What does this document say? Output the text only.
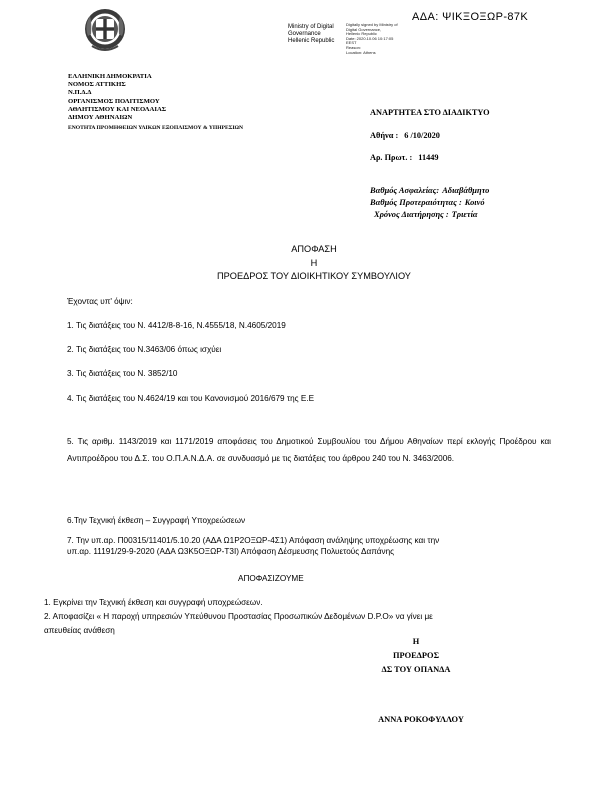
ΑΔΑ: ΨΙΚΞΟΞΩΡ-87Κ
Ministry of Digital
Governance
Hellenic Republic
Digitally signed by Ministry of
Digital Governance,
Hellenic Republic
Date: 2020.10.06 10:17:05
EEST
Reason:
Location: Athens
ΕΛΛΗΝΙΚΗ ΔΗΜΟΚΡΑΤΙΑ
ΝΟΜΟΣ ΑΤΤΙΚΗΣ
Ν.Π.Δ.Δ
ΟΡΓΑΝΙΣΜΟΣ ΠΟΛΙΤΙΣΜΟΥ
ΑΘΛΗΤΙΣΜΟΥ ΚΑΙ ΝΕΟΛΑΙΑΣ
ΔΗΜΟΥ ΑΘΗΝΑΙΩΝ
ΕΝΟΤΗΤΑ ΠΡΟΜΗΘΕΙΩΝ ΥΛΙΚΩΝ ΕΞΟΠΛΙΣΜΟΥ & ΥΠΗΡΕΣΙΩΝ
ΑΝΑΡΤΗΤΕΑ ΣΤΟ ΔΙΑΔΙΚΤΥΟ
Αθήνα : 6 /10/2020
Αρ. Πρωτ. : 11449
Βαθμός Ασφαλείας: Αδιαβάθμητο
Βαθμός Προτεραιότητας : Κοινό
Χρόνος Διατήρησης : Τριετία
ΑΠΟΦΑΣΗ
Η
ΠΡΟΕΔΡΟΣ ΤΟΥ ΔΙΟΙΚΗΤΙΚΟΥ ΣΥΜΒΟΥΛΙΟΥ
Έχοντας υπ' όψιν:
1. Τις διατάξεις του Ν. 4412/8-8-16, Ν.4555/18, Ν.4605/2019
2. Τις διατάξεις του Ν.3463/06 όπως ισχύει
3. Τις διατάξεις του Ν. 3852/10
4. Τις διατάξεις του Ν.4624/19 και του Κανονισμού 2016/679 της Ε.Ε
5. Τις αριθμ. 1143/2019 και 1171/2019 αποφάσεις του Δημοτικού Συμβουλίου του Δήμου Αθηναίων περί εκλογής Προέδρου και Αντιπροέδρου του Δ.Σ. του Ο.Π.Α.Ν.Δ.Α. σε συνδυασμό με τις διατάξεις του άρθρου 240 του Ν. 3463/2006.
6.Την Τεχνική έκθεση – Συγγραφή Υποχρεώσεων
7. Την υπ.αρ. Π00315/11401/5.10.20 (ΑΔΑ Ω1Ρ2ΟΞΩΡ-4Σ1) Απόφαση ανάληψης υποχρέωσης και την
υπ.αρ. 11191/29-9-2020 (ΑΔΑ Ω3Κ5ΟΞΩΡ-Τ3Ι) Απόφαση Δέσμευσης Πολυετούς Δαπάνης
ΑΠΟΦΑΣΙΖΟΥΜΕ
1. Εγκρίνει την Τεχνική έκθεση και συγγραφή υποχρεώσεων.
2. Αποφασίζει « Η παροχή υπηρεσιών Υπεύθυνου Προστασίας Προσωπικών Δεδομένων D.P.O» να γίνει με
απευθείας ανάθεση
Η
ΠΡΟΕΔΡΟΣ
ΔΣ ΤΟΥ ΟΠΑΝΔΑ
ΑΝΝΑ ΡΟΚΟΦΥΛΛΟΥ
